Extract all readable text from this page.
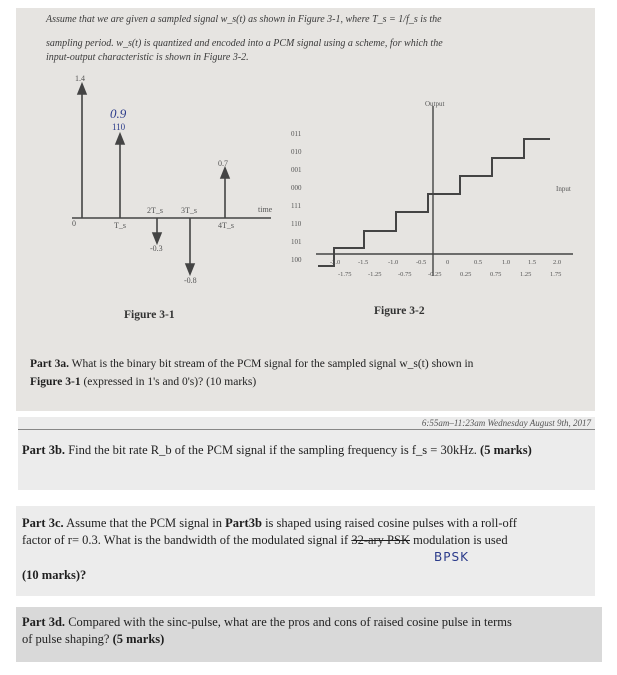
Assume that we are given a sampled signal w_s(t) as shown in Figure 3-1, where T_s = 1/f_s is the
sampling period. w_s(t) is quantized and encoded into a PCM signal using a scheme, for which the
input-output characteristic is shown in Figure 3-2.
1.4
0	T_s
2T_s 3T_s
4T_s
-0.3
-0.8
0.7
time
0.9
110
011
010
001
000
111
110
101
100
Output
Input
-2.0	-1.5	-1.0	-0.5	0	0.5	1.0	1.5	2.0
-1.75	-1.25	-0.75	-0.25	0.25	0.75	1.25	1.75
Figure 3-1	Figure 3-2
Part 3a. What is the binary bit stream of the PCM signal for the sampled signal w_s(t) shown in
Figure 3-1 (expressed in 1's and 0's)? (10 marks)
6:55am–11:23am Wednesday August 9th, 2017
Part 3b. Find the bit rate R_b of the PCM signal if the sampling frequency is f_s = 30kHz. (5 marks)
Part 3c. Assume that the PCM signal in Part3b is shaped using raised cosine pulses with a roll-off
factor of r= 0.3. What is the bandwidth of the modulated signal if 32-ary PSK modulation is used
BPSK
(10 marks)?
Part 3d. Compared with the sinc-pulse, what are the pros and cons of raised cosine pulse in terms
of pulse shaping? (5 marks)
